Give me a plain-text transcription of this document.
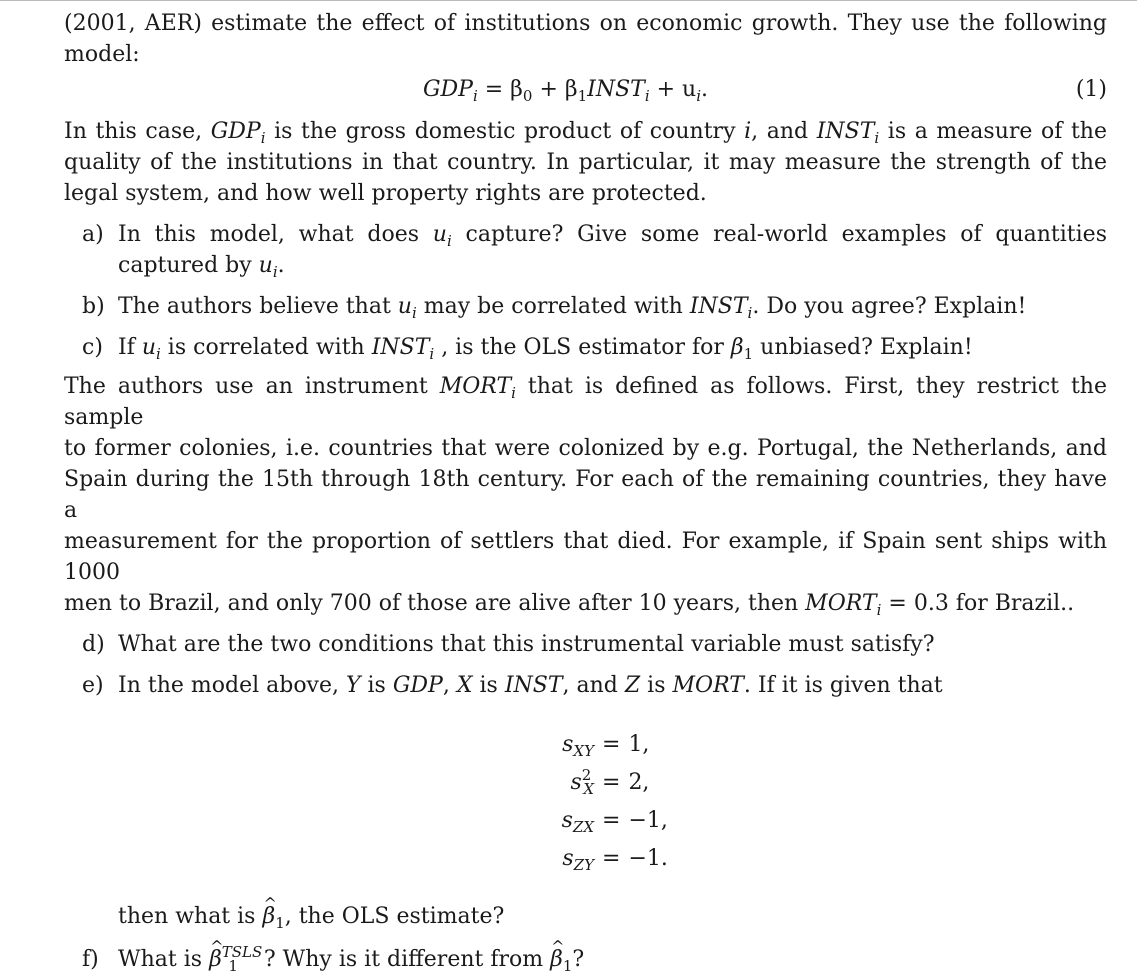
(2001, AER) estimate the effect of institutions on economic growth. They use the following
model:
$GDP_i = \beta_0$ + $\beta_1INST_i + u_i$.	(1)
In this case, $GDP_i$ is the gross domestic product of country i, and $INST_i$ is a measure of the
quality of the institutions in that country. In particular, it may measure the strength of the
legal system, and how well property rights are protected.
a) In this model, what does $u_i$ capture? Give some real-world examples of quantities captured by $u_i$.
b) The authors believe that $u_i$ may be correlated with $INST_i$. Do you agree? Explain!
c) If $u_i$ is correlated with $INST_i$ , is the OLS estimator for $\beta_1$ unbiased? Explain!
The authors use an instrument $MORT_i$ that is defined as follows. First, they restrict the sample
to former colonies, i.e. countries that were colonized by e.g. Portugal, the Netherlands, and
Spain during the 15th through 18th century. For each of the remaining countries, they have a
measurement for the proportion of settlers that died. For example, if Spain sent ships with 1000
men to Brazil, and only 700 of those are alive after 10 years, then $MORT_i = 0.3$ for Brazil..
d) What are the two conditions that this instrumental variable must satisfy?
e) In the model above, Y is GDP, X is INST, and Z is MORT. If it is given that
$s_{XY} = 1$,
$s^2_X = 2$,
$s_{ZX} = -1$,
$s_{ZY} = -1$.
then what is ^ $\beta_1$, the OLS estimate?
f) What is ^ $\beta^{TSLS}_1$ ? Why is it different from ^ $\beta_1$?
